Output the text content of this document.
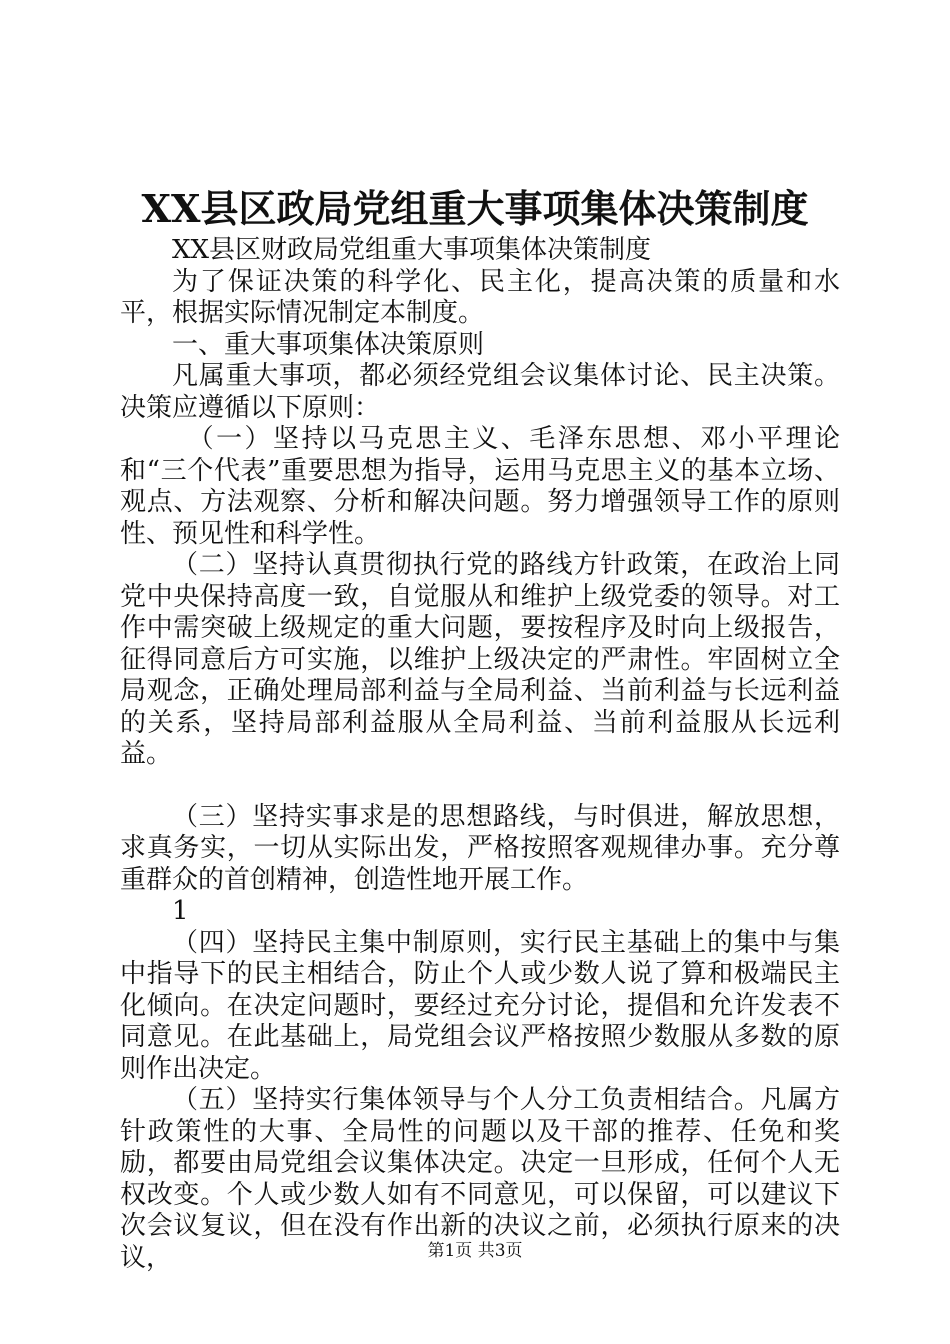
XX县区政局党组重大事项集体决策制度

XX县区财政局党组重大事项集体决策制度

为了保证决策的科学化、民主化，提高决策的质量和水平，根据实际情况制定本制度。

一、重大事项集体决策原则

凡属重大事项，都必须经党组会议集体讨论、民主决策。决策应遵循以下原则：

（一）坚持以马克思主义、毛泽东思想、邓小平理论和“三个代表”重要思想为指导，运用马克思主义的基本立场、观点、方法观察、分析和解决问题。努力增强领导工作的原则性、预见性和科学性。

（二）坚持认真贯彻执行党的路线方针政策，在政治上同党中央保持高度一致，自觉服从和维护上级党委的领导。对工作中需突破上级规定的重大问题，要按程序及时向上级报告，征得同意后方可实施，以维护上级决定的严肃性。牢固树立全局观念，正确处理局部利益与全局利益、当前利益与长远利益的关系，坚持局部利益服从全局利益、当前利益服从长远利益。

（三）坚持实事求是的思想路线，与时俱进，解放思想，求真务实，一切从实际出发，严格按照客观规律办事。充分尊重群众的首创精神，创造性地开展工作。

1

（四）坚持民主集中制原则，实行民主基础上的集中与集中指导下的民主相结合，防止个人或少数人说了算和极端民主化倾向。在决定问题时，要经过充分讨论，提倡和允许发表不同意见。在此基础上，局党组会议严格按照少数服从多数的原则作出决定。

（五）坚持实行集体领导与个人分工负责相结合。凡属方针政策性的大事、全局性的问题以及干部的推荐、任免和奖励，都要由局党组会议集体决定。决定一旦形成，任何个人无权改变。个人或少数人如有不同意见，可以保留，可以建议下次会议复议，但在没有作出新的决议之前，必须执行原来的决议，	第1页 共3页
